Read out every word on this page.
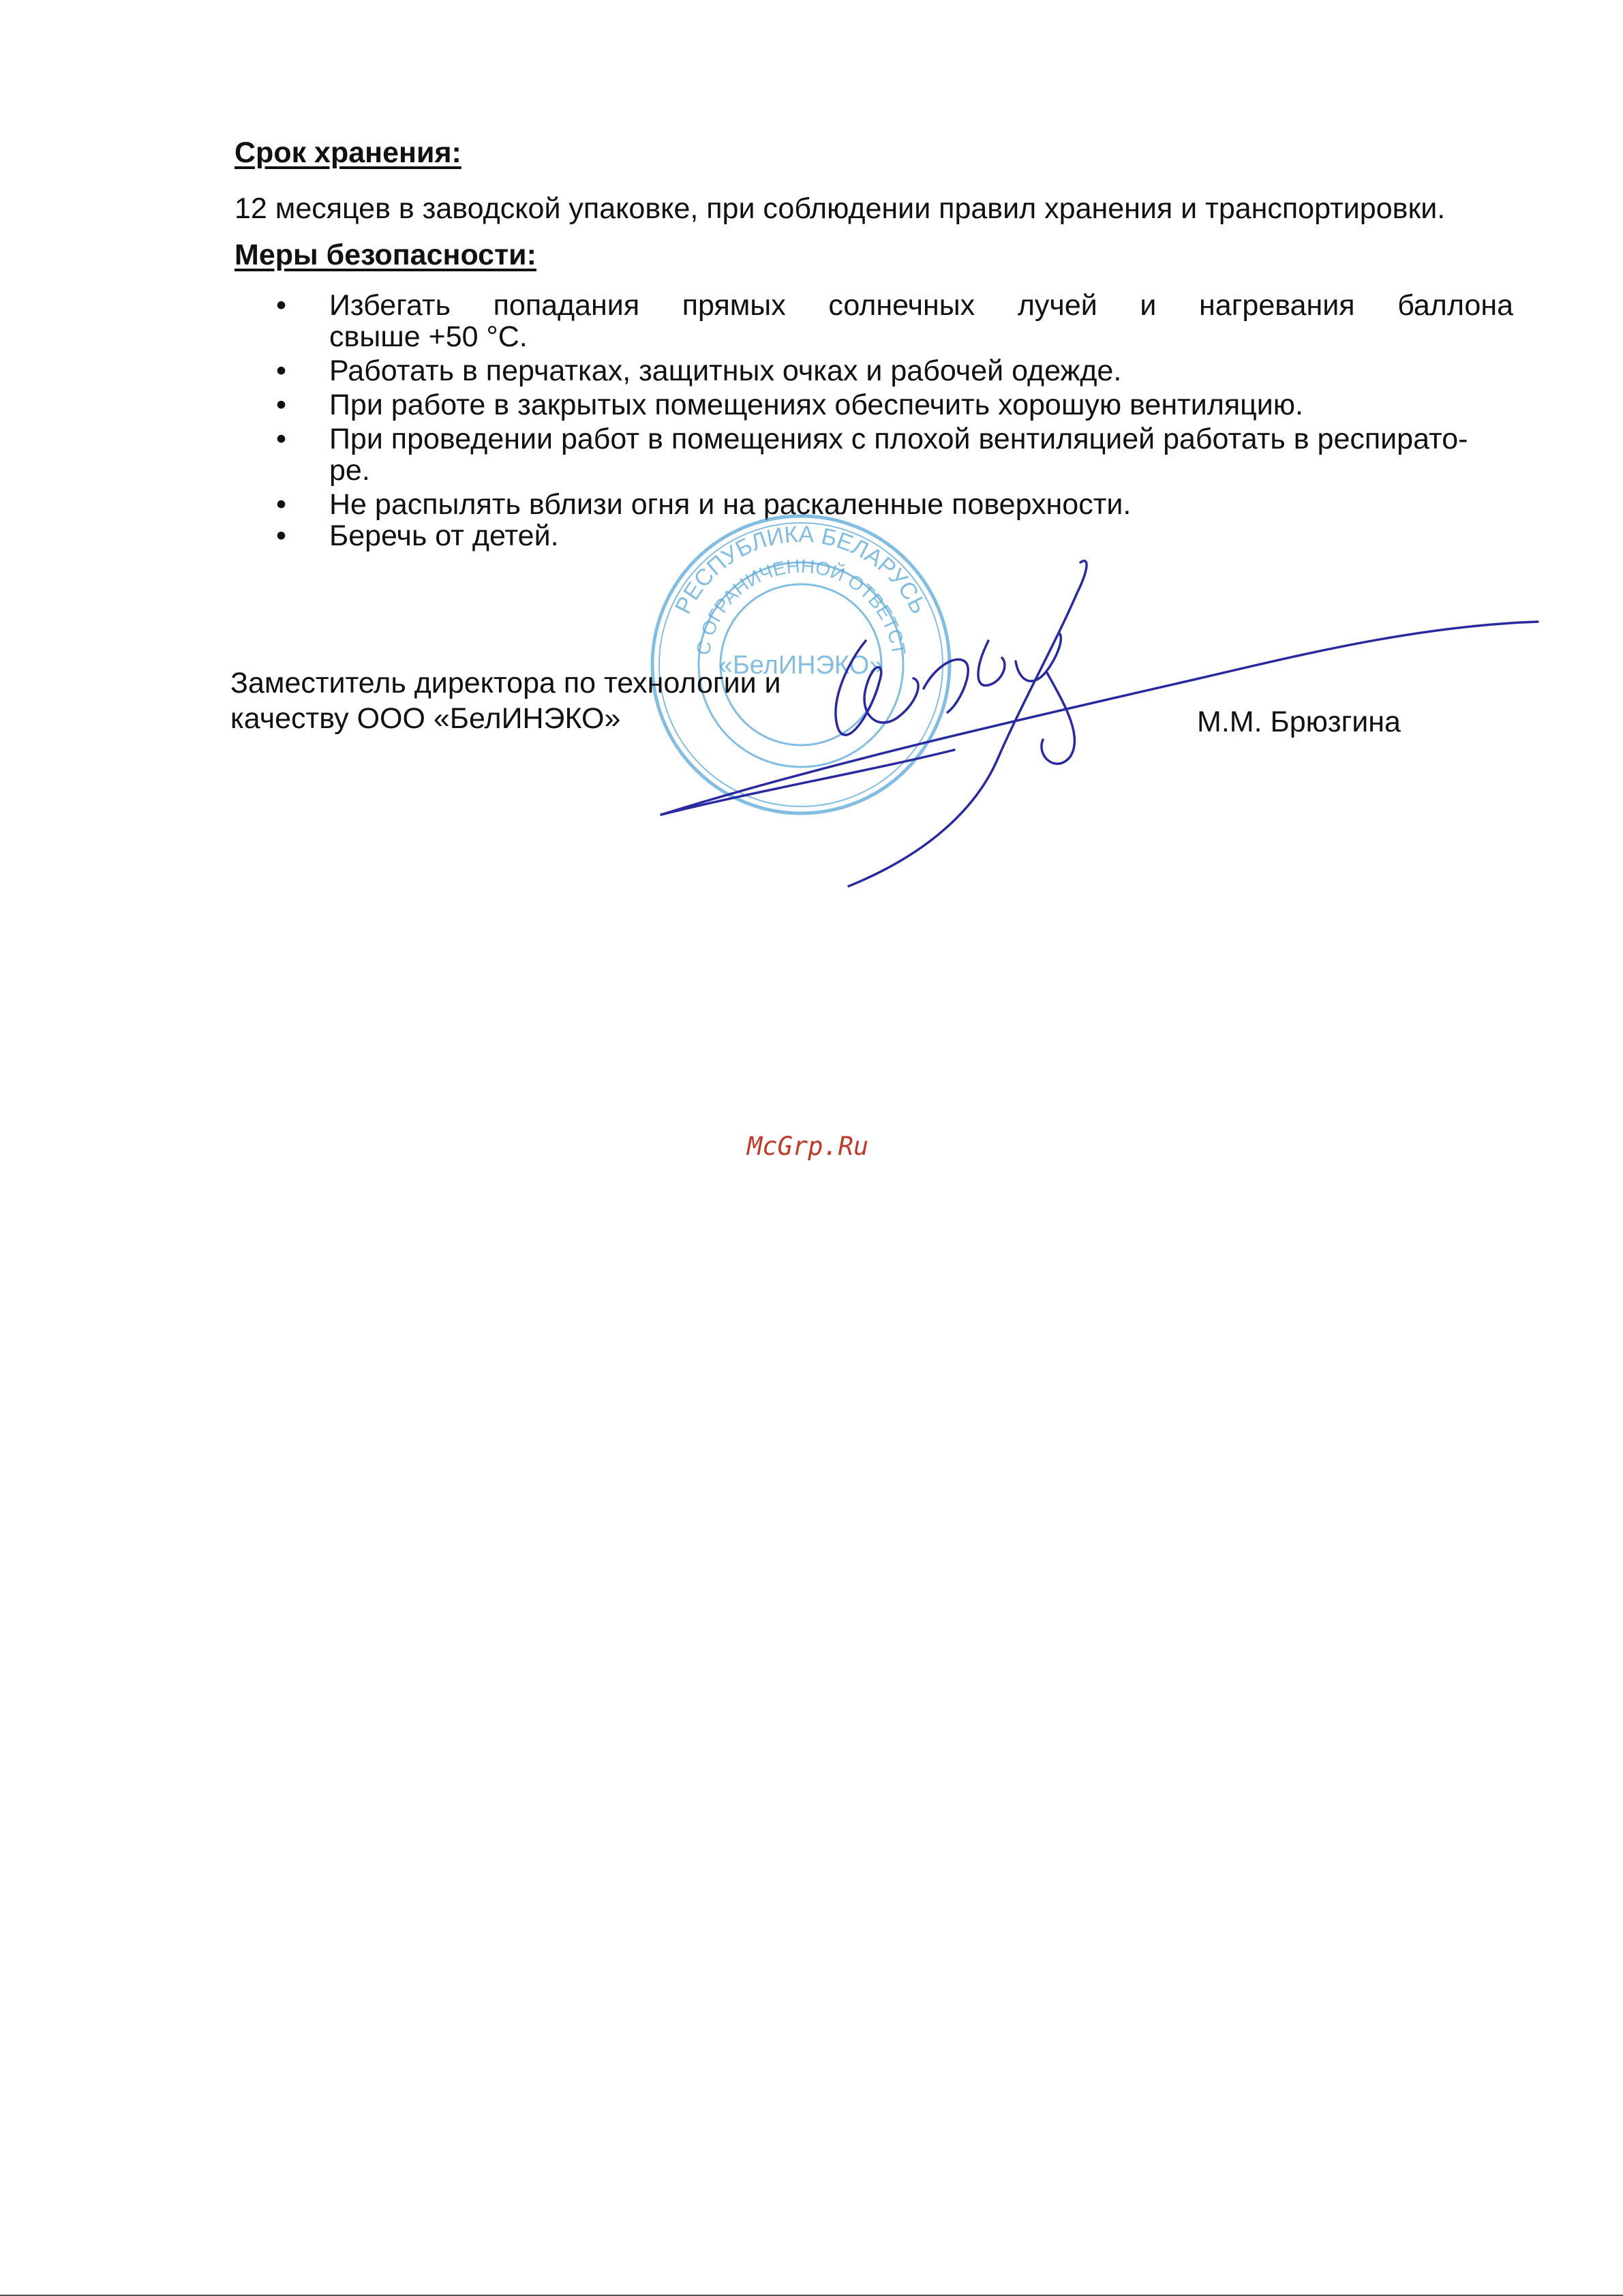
Срок хранения:

12 месяцев в заводской упаковке, при соблюдении правил хранения и транспортировки.

Меры безопасности:

• Избегать попадания прямых солнечных лучей и нагревания баллона
свыше +50 °C.
• Работать в перчатках, защитных очках и рабочей одежде.
• При работе в закрытых помещениях обеспечить хорошую вентиляцию.
• При проведении работ в помещениях с плохой вентиляцией работать в респирато-
ре.
• Не распылять вблизи огня и на раскаленные поверхности.
• Беречь от детей.
РЕСПУБЛИКА БЕЛАРУСЬ
С ОГРАНИЧЕННОЙ ОТВЕТСТ
«БелИНЭКО»

Заместитель директора по технологии и

качеству ООО «БелИНЭКО»	М.М. Брюзгина

McGrp.Ru
